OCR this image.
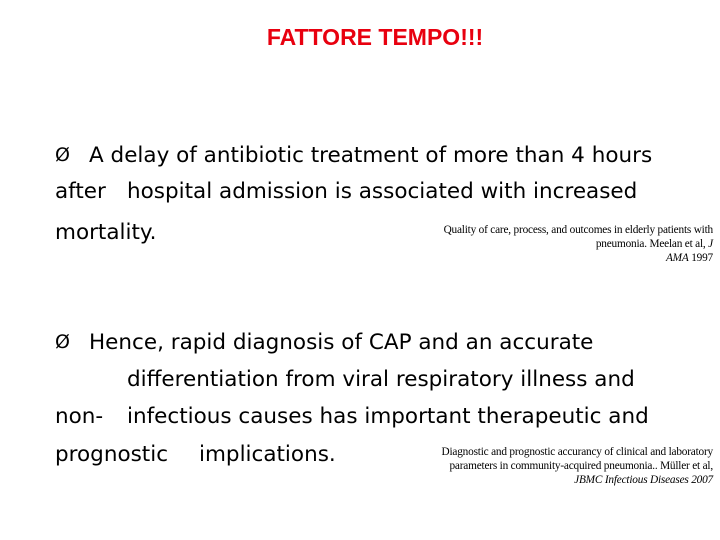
FATTORE TEMPO!!!
Ø A delay of antibiotic treatment of more than 4 hours
after hospital admission is associated with increased
mortality.	Quality of care, process, and outcomes in elderly patients with
pneumonia. Meelan et al, J
AMA 1997
Ø Hence, rapid diagnosis of CAP and an accurate
differentiation from viral respiratory illness and
non- infectious causes has important therapeutic and
prognostic implications.	Diagnostic and prognostic accurancy of clinical and laboratory
parameters in community-acquired pneumonia.. Müller et al,
JBMC Infectious Diseases 2007
